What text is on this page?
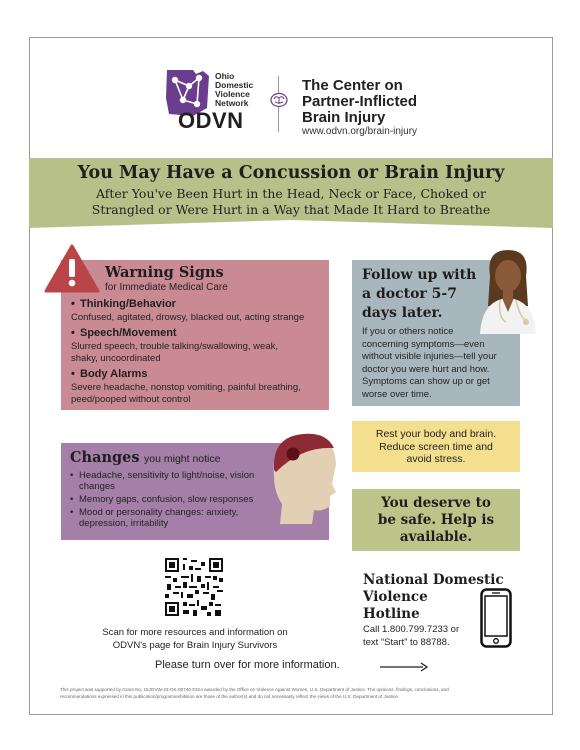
Ohio
Domestic
Violence
Network
ODVN
The Center on
Partner-Inflicted
Brain Injury
www.odvn.org/brain-injury
You May Have a Concussion or Brain Injury
After You've Been Hurt in the Head, Neck or Face, Choked or
Strangled or Were Hurt in a Way that Made It Hard to Breathe
Warning Signs
for Immediate Medical Care
• Thinking/Behavior
Confused, agitated, drowsy, blacked out, acting strange
• Speech/Movement
Slurred speech, trouble talking/swallowing, weak,
shaky, uncoordinated
• Body Alarms
Severe headache, nonstop vomiting, painful breathing,
peed/pooped without control
Follow up with
a doctor 5-7
days later.
If you or others notice
concerning symptoms—even
without visible injuries—tell your
doctor you were hurt and how.
Symptoms can show up or get
worse over time.
Changes you might notice
• Headache, sensitivity to light/noise, vision
changes
• Memory gaps, confusion, slow responses
• Mood or personality changes: anxiety,
depression, irritability
Rest your body and brain.
Reduce screen time and
avoid stress.
You deserve to
be safe. Help is
available.
Scan for more resources and information on
ODVN's page for Brain Injury Survivors
National Domestic
Violence
Hotline
Call 1.800.799.7233 or
text “Start” to 88788.
Please turn over for more information.
This project was supported by Grant No. 15JOVW-23-GK-00740-DISA awarded by the Office on Violence Against Women, U.S. Department of Justice. The opinions, findings, conclusions, and
recommendations expressed in this publication/program/exhibition are those of the author(s) and do not necessarily reflect the views of the U.S. Department of Justice.
